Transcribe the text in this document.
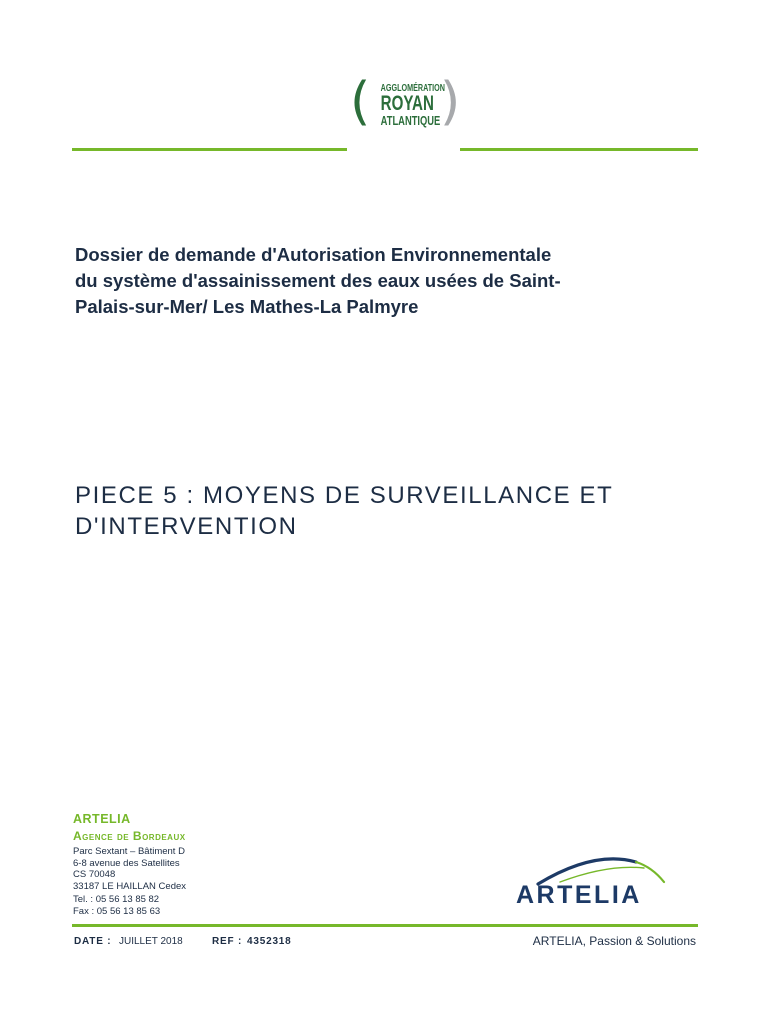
( AGGLOMÉRATION
ROYAN
ATLANTIQUE )
Dossier de demande d'Autorisation Environnementale
du système d'assainissement des eaux usées de Saint-
Palais-sur-Mer/ Les Mathes-La Palmyre
PIECE 5 : MOYENS DE SURVEILLANCE ET
D'INTERVENTION
ARTELIA
Agence de Bordeaux
Parc Sextant – Bâtiment D
6-8 avenue des Satellites
CS 70048
33187 LE HAILLAN Cedex
Tel. : 05 56 13 85 82
Fax : 05 56 13 85 63
ARTELIA
DATE : JUILLET 2018	REF : 4352318	ARTELIA, Passion & Solutions
